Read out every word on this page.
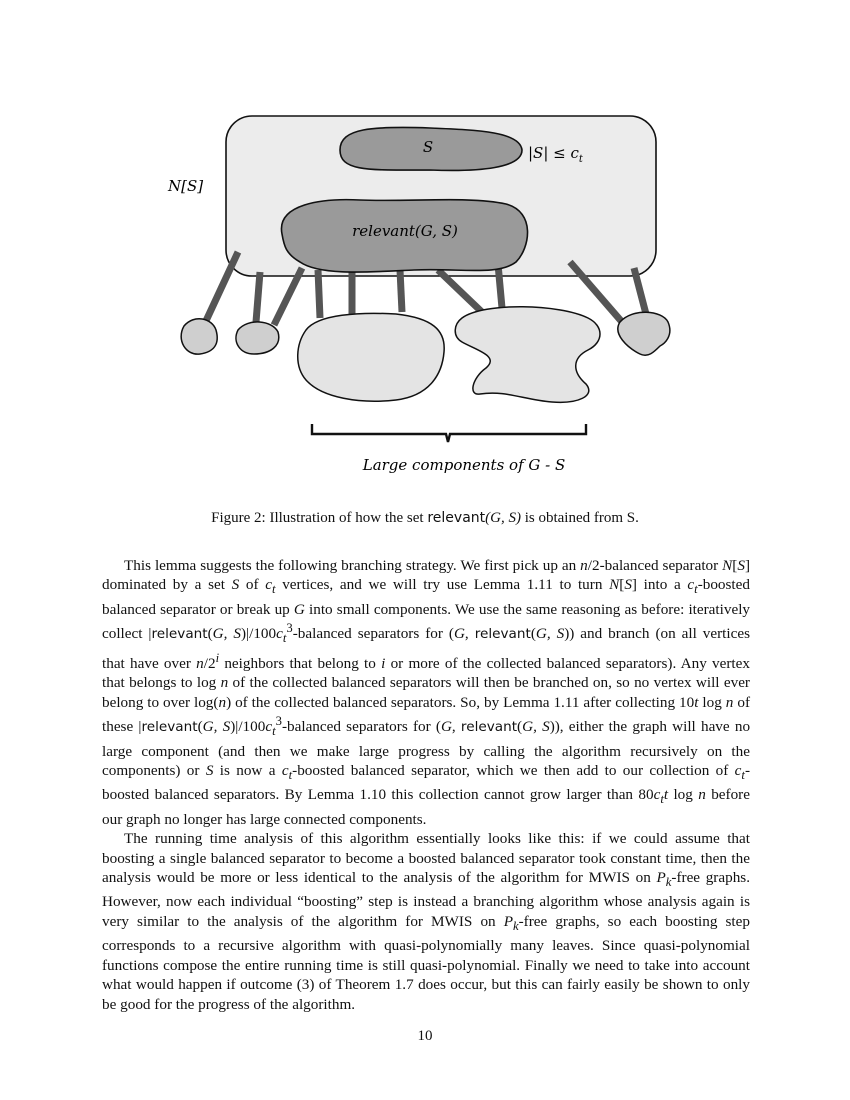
S	$|S| \le c_t$
N[S]
relevant(G, S)
Large components of G - S
Figure 2: Illustration of how the set relevant(G, S) is obtained from S.

This lemma suggests the following branching strategy. We first pick up an n/2-balanced separator N[S] dominated by a set S of $c_t$ vertices, and we will try use Lemma 1.11 to turn N[S] into a $c_t$-boosted balanced separator or break up G into small components. We use the same reasoning as before: iteratively collect |relevant(G, $S)|/100c_t^3$-balanced separators for (G, relevant(G, S)) and branch (on all vertices that have over n/2$^i$ neighbors that belong to i or more of the collected balanced separators). Any vertex that belongs to log n of the collected balanced separators will then be branched on, so no vertex will ever belong to over log(n) of the collected balanced separators. So, by Lemma 1.11 after collecting 10t log n of these |relevant(G, $S)|/100c_t^3$-balanced separators for (G, relevant(G, S)), either the graph will have no large component (and then we make large progress by calling the algorithm recursively on the components) or S is now a $c_t$-boosted balanced separator, which we then add to our collection of $c_t$-boosted balanced separators. By Lemma 1.10 this collection cannot grow larger than $80c_tt$ log n before our graph no longer has large connected components.

The running time analysis of this algorithm essentially looks like this: if we could assume that boosting a single balanced separator to become a boosted balanced separator took constant time, then the analysis would be more or less identical to the analysis of the algorithm for MWIS on $P_k$-free graphs. However, now each individual “boosting” step is instead a branching algorithm whose analysis again is very similar to the analysis of the algorithm for MWIS on $P_k$-free graphs, so each boosting step corresponds to a recursive algorithm with quasi-polynomially many leaves. Since quasi-polynomial functions compose the entire running time is still quasi-polynomial. Finally we need to take into account what would happen if outcome (3) of Theorem 1.7 does occur, but this can fairly easily be shown to only be good for the progress of the algorithm.

10
